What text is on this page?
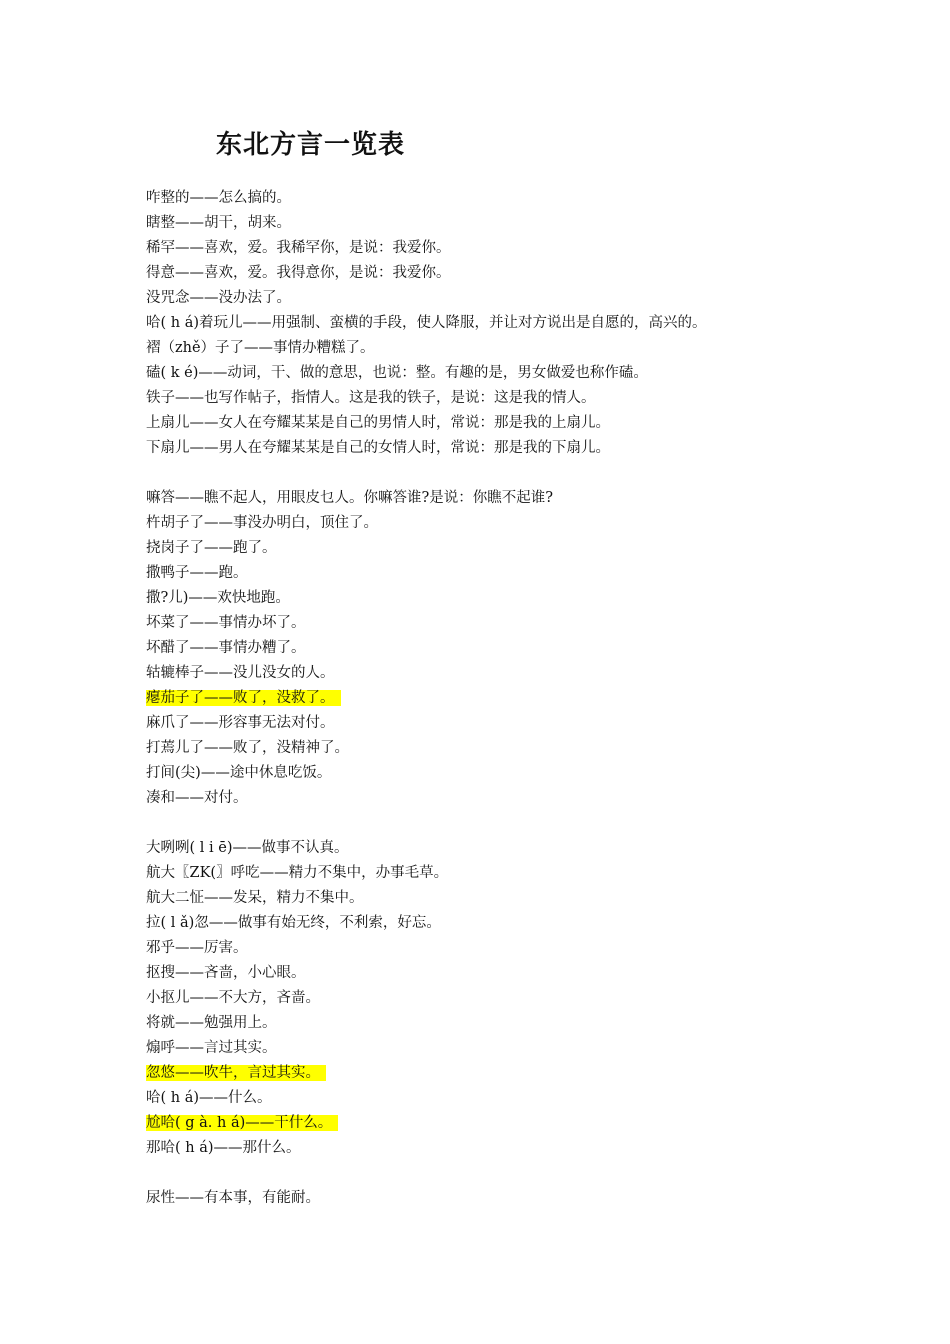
东北方言一览表
咋整的——怎么搞的。
瞎整——胡干，胡来。
稀罕——喜欢，爱。我稀罕你，是说：我爱你。
得意——喜欢，爱。我得意你，是说：我爱你。
没咒念——没办法了。
哈( h á)着玩儿——用强制、蛮横的手段，使人降服，并让对方说出是自愿的，高兴的。
褶（zhě）子了——事情办糟糕了。
磕( k é)——动词，干、做的意思，也说：整。有趣的是，男女做爱也称作磕。
铁子——也写作帖子，指情人。这是我的铁子，是说：这是我的情人。
上扇儿——女人在夸耀某某是自己的男情人时，常说：那是我的上扇儿。
下扇儿——男人在夸耀某某是自己的女情人时，常说：那是我的下扇儿。
嘛答——瞧不起人，用眼皮乜人。你嘛答谁?是说：你瞧不起谁?
杵胡子了——事没办明白，顶住了。
挠岗子了——跑了。
撒鸭子——跑。
撒?儿)——欢快地跑。
坏菜了——事情办坏了。
坏醋了——事情办糟了。
轱辘棒子——没儿没女的人。
瘪茄子了——败了，没救了。
麻爪了——形容事无法对付。
打蔫儿了——败了，没精神了。
打间(尖)——途中休息吃饭。
凑和——对付。
大咧咧( l i ē)——做事不认真。
航大〖ZK(〗呼吃——精力不集中，办事毛草。
航大二怔——发呆，精力不集中。
拉( l ǎ)忽——做事有始无终，不利索，好忘。
邪乎——厉害。
抠搜——吝啬，小心眼。
小抠儿——不大方，吝啬。
将就——勉强用上。
煽呼——言过其实。
忽悠——吹牛，言过其实。
哈( h á)——什么。
尬哈( g à. h á)——干什么。
那哈( h á)——那什么。
尿性——有本事，有能耐。
